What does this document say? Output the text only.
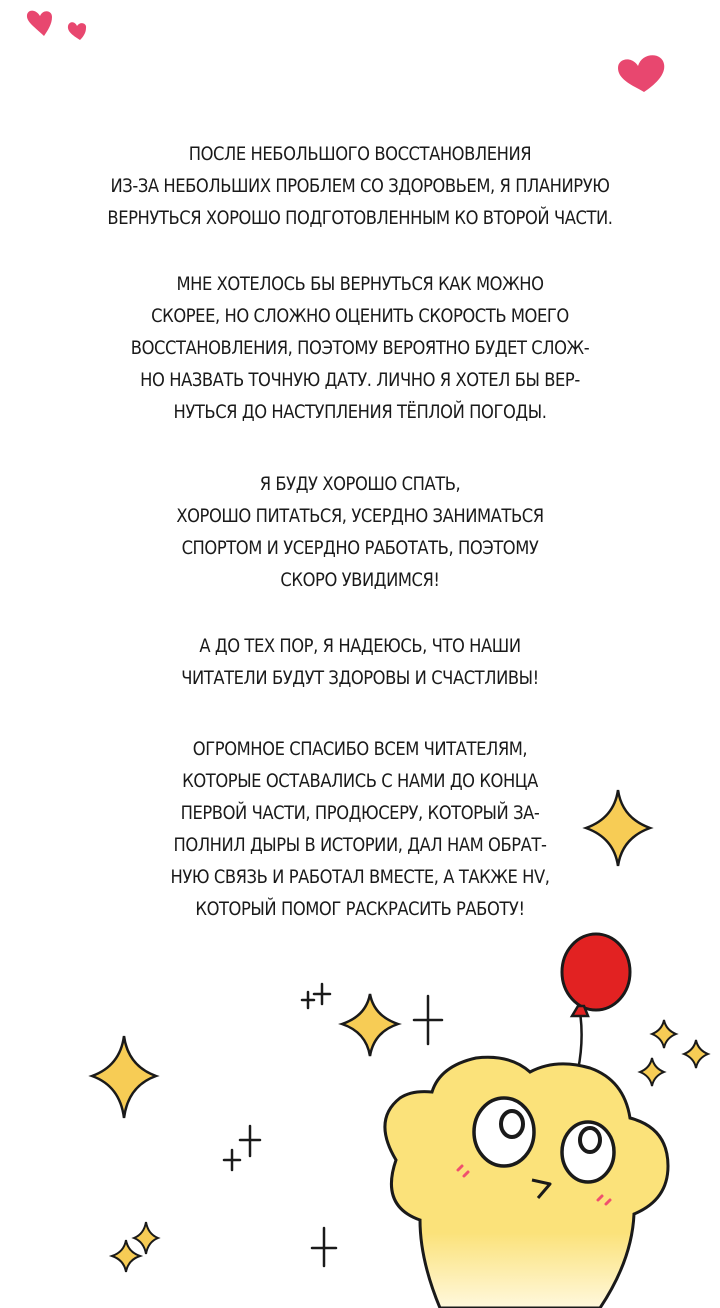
ПОСЛЕ НЕБОЛЬШОГО ВОССТАНОВЛЕНИЯ
ИЗ-ЗА НЕБОЛЬШИХ ПРОБЛЕМ СО ЗДОРОВЬЕМ, Я ПЛАНИРУЮ
ВЕРНУТЬСЯ ХОРОШО ПОДГОТОВЛЕННЫМ КО ВТОРОЙ ЧАСТИ.
МНЕ ХОТЕЛОСЬ БЫ ВЕРНУТЬСЯ КАК МОЖНО
СКОРЕЕ, НО СЛОЖНО ОЦЕНИТЬ СКОРОСТЬ МОЕГО
ВОССТАНОВЛЕНИЯ, ПОЭТОМУ ВЕРОЯТНО БУДЕТ СЛОЖ-
НО НАЗВАТЬ ТОЧНУЮ ДАТУ. ЛИЧНО Я ХОТЕЛ БЫ ВЕР-
НУТЬСЯ ДО НАСТУПЛЕНИЯ ТЁПЛОЙ ПОГОДЫ.
Я БУДУ ХОРОШО СПАТЬ,
ХОРОШО ПИТАТЬСЯ, УСЕРДНО ЗАНИМАТЬСЯ
СПОРТОМ И УСЕРДНО РАБОТАТЬ, ПОЭТОМУ
СКОРО УВИДИМСЯ!
А ДО ТЕХ ПОР, Я НАДЕЮСЬ, ЧТО НАШИ
ЧИТАТЕЛИ БУДУТ ЗДОРОВЫ И СЧАСТЛИВЫ!
ОГРОМНОЕ СПАСИБО ВСЕМ ЧИТАТЕЛЯМ,
КОТОРЫЕ ОСТАВАЛИСЬ С НАМИ ДО КОНЦА
ПЕРВОЙ ЧАСТИ, ПРОДЮСЕРУ, КОТОРЫЙ ЗА-
ПОЛНИЛ ДЫРЫ В ИСТОРИИ, ДАЛ НАМ ОБРАТ-
НУЮ СВЯЗЬ И РАБОТАЛ ВМЕСТЕ, А ТАКЖЕ HV,
КОТОРЫЙ ПОМОГ РАСКРАСИТЬ РАБОТУ!
